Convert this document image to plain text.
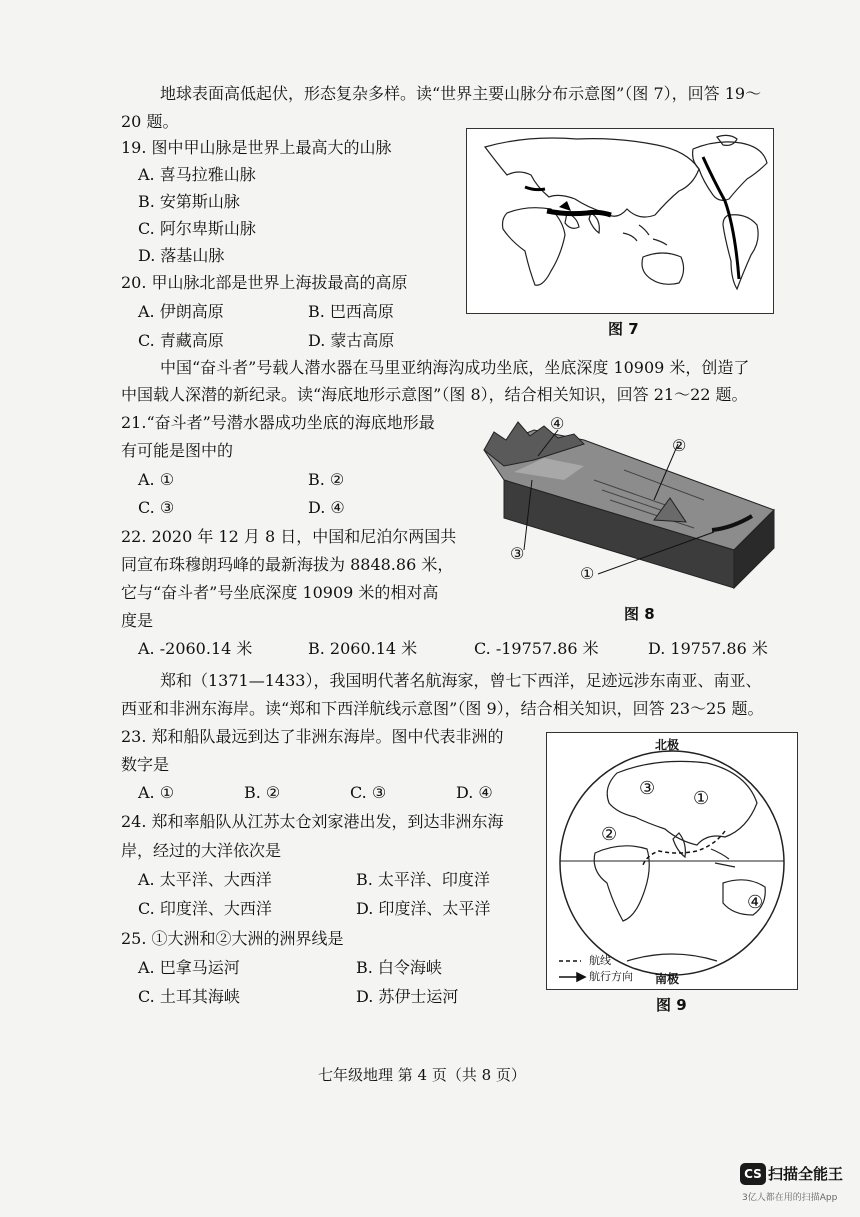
地球表面高低起伏，形态复杂多样。读“世界主要山脉分布示意图”（图 7），回答 19～
20 题。
19. 图中甲山脉是世界上最高大的山脉
A. 喜马拉雅山脉
B. 安第斯山脉
C. 阿尔卑斯山脉
D. 落基山脉
20. 甲山脉北部是世界上海拔最高的高原
A. 伊朗高原	B. 巴西高原
C. 青藏高原	D. 蒙古高原
图 7
中国“奋斗者”号载人潜水器在马里亚纳海沟成功坐底，坐底深度 10909 米，创造了
中国载人深潜的新纪录。读“海底地形示意图”（图 8），结合相关知识，回答 21～22 题。
21.“奋斗者”号潜水器成功坐底的海底地形最
有可能是图中的
A. ①	B. ②
C. ③	D. ④
22. 2020 年 12 月 8 日，中国和尼泊尔两国共
同宣布珠穆朗玛峰的最新海拔为 8848.86 米，
它与“奋斗者”号坐底深度 10909 米的相对高
度是
A. -2060.14 米	B. 2060.14 米	C. -19757.86 米	D. 19757.86 米
④
②
③
①
图 8
郑和（1371—1433），我国明代著名航海家，曾七下西洋，足迹远涉东南亚、南亚、
西亚和非洲东海岸。读“郑和下西洋航线示意图”（图 9），结合相关知识，回答 23～25 题。
23. 郑和船队最远到达了非洲东海岸。图中代表非洲的
数字是
A. ①	B. ②	C. ③	D. ④
24. 郑和率船队从江苏太仓刘家港出发，到达非洲东海
岸，经过的大洋依次是
A. 太平洋、大西洋	B. 太平洋、印度洋
C. 印度洋、大西洋	D. 印度洋、太平洋
25. ①大洲和②大洲的洲界线是
A. 巴拿马运河	B. 白令海峡
C. 土耳其海峡	D. 苏伊士运河
北极
南极
航线
航行方向
①
②
③
④
图 9
七年级地理 第 4 页（共 8 页）
CS 扫描全能王
3亿人都在用的扫描App
